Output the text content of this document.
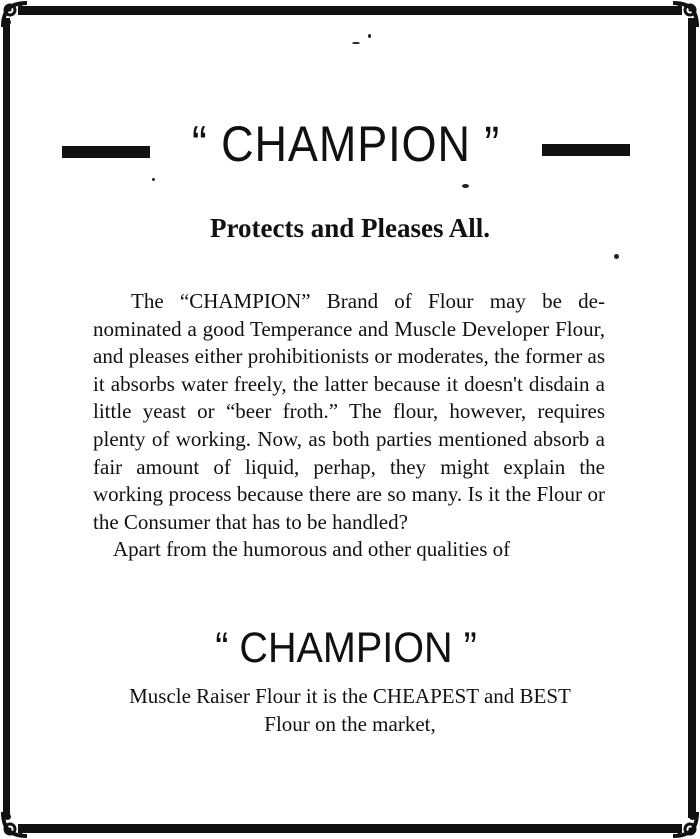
“ CHAMPION ”
Protects and Pleases All.

The “CHAMPION” Brand of Flour may be de-nominated a good Temperance and Muscle Developer Flour, and pleases either prohibitionists or moderates, the former as it absorbs water freely, the latter because it doesn't disdain a little yeast or “beer froth.” The flour, however, requires plenty of working. Now, as both parties mentioned absorb a fair amount of liquid, perhap, they might explain the working process because there are so many. Is it the Flour or the Consumer that has to be handled?

Apart from the humorous and other qualities of

“ CHAMPION ”
Muscle Raiser Flour it is the CHEAPEST and BEST
Flour on the market,
